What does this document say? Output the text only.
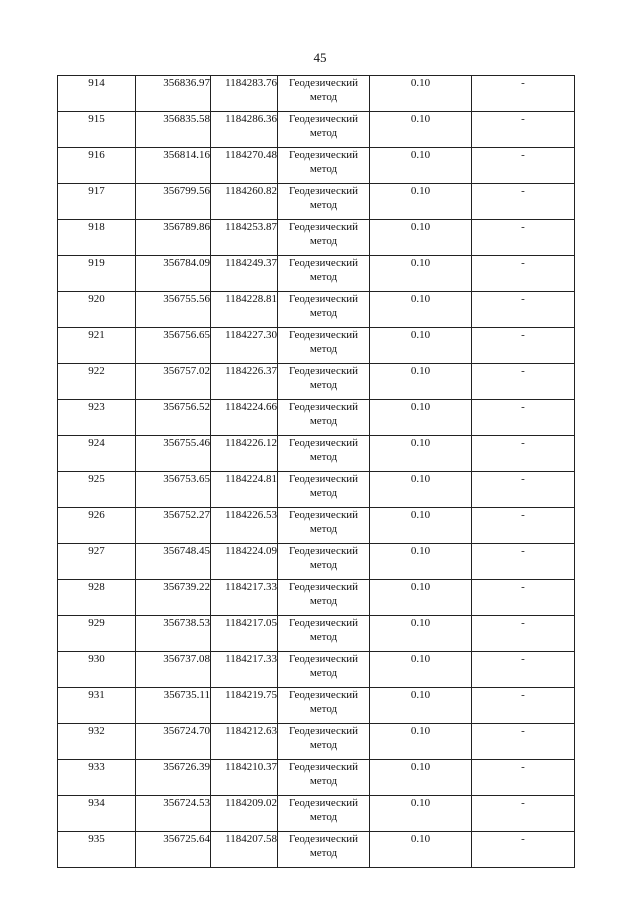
45
914	356836.97	1184283.76	Геодезический метод	0.10	-
915	356835.58	1184286.36	Геодезический метод	0.10	-
916	356814.16	1184270.48	Геодезический метод	0.10	-
917	356799.56	1184260.82	Геодезический метод	0.10	-
918	356789.86	1184253.87	Геодезический метод	0.10	-
919	356784.09	1184249.37	Геодезический метод	0.10	-
920	356755.56	1184228.81	Геодезический метод	0.10	-
921	356756.65	1184227.30	Геодезический метод	0.10	-
922	356757.02	1184226.37	Геодезический метод	0.10	-
923	356756.52	1184224.66	Геодезический метод	0.10	-
924	356755.46	1184226.12	Геодезический метод	0.10	-
925	356753.65	1184224.81	Геодезический метод	0.10	-
926	356752.27	1184226.53	Геодезический метод	0.10	-
927	356748.45	1184224.09	Геодезический метод	0.10	-
928	356739.22	1184217.33	Геодезический метод	0.10	-
929	356738.53	1184217.05	Геодезический метод	0.10	-
930	356737.08	1184217.33	Геодезический метод	0.10	-
931	356735.11	1184219.75	Геодезический метод	0.10	-
932	356724.70	1184212.63	Геодезический метод	0.10	-
933	356726.39	1184210.37	Геодезический метод	0.10	-
934	356724.53	1184209.02	Геодезический метод	0.10	-
935	356725.64	1184207.58	Геодезический метод	0.10	-
